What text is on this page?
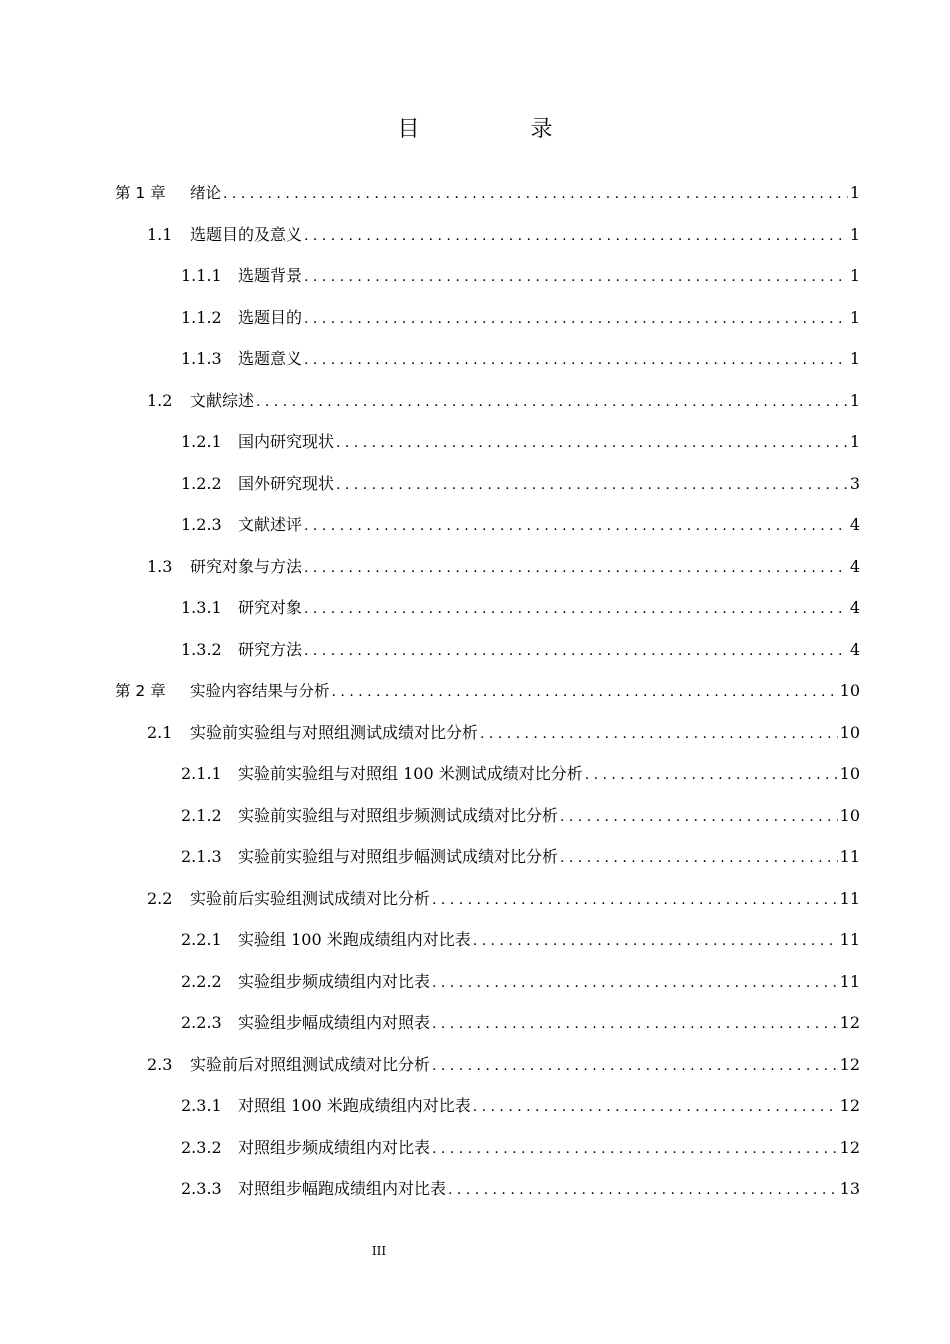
目 录
第 1 章	绪论 . . .	1
1.1	选题目的及意义 . . .	1
1.1.1	选题背景 . . .	1
1.1.2	选题目的 . . .	1
1.1.3	选题意义 . . .	1
1.2	文献综述 . . .	1
1.2.1	国内研究现状 . . .	1
1.2.2	国外研究现状 . . .	3
1.2.3	文献述评 . . .	4
1.3	研究对象与方法 . . .	4
1.3.1	研究对象 . . .	4
1.3.2	研究方法 . . .	4
第 2 章	实验内容结果与分析 . . .	10
2.1	实验前实验组与对照组测试成绩对比分析 . . .	10
2.1.1	实验前实验组与对照组 100 米测试成绩对比分析 . . .	10
2.1.2	实验前实验组与对照组步频测试成绩对比分析 . . .	10
2.1.3	实验前实验组与对照组步幅测试成绩对比分析 . . .	11
2.2	实验前后实验组测试成绩对比分析 . . .	11
2.2.1	实验组 100 米跑成绩组内对比表 . . .	11
2.2.2	实验组步频成绩组内对比表 . . .	11
2.2.3	实验组步幅成绩组内对照表 . . .	12
2.3	实验前后对照组测试成绩对比分析 . . .	12
2.3.1	对照组 100 米跑成绩组内对比表 . . .	12
2.3.2	对照组步频成绩组内对比表 . . .	12
2.3.3	对照组步幅跑成绩组内对比表 . . .	13
III
